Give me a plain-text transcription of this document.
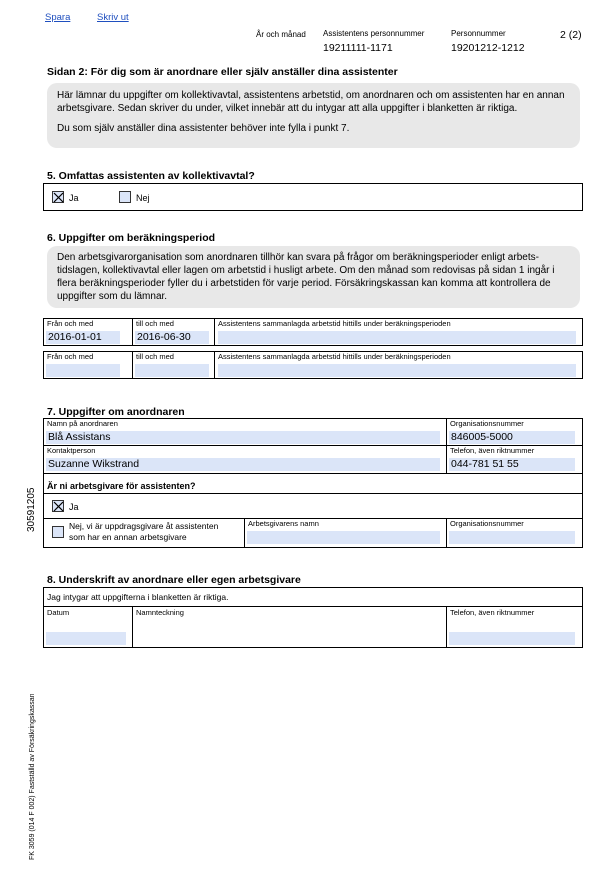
Spara	Skriv ut
År och månad Assistentens personnummer
19211111-1171
Personnummer
19201212-1212
2 (2)
Sidan 2: För dig som är anordnare eller själv anställer dina assistenter
Här lämnar du uppgifter om kollektivavtal, assistentens arbetstid, om anordnaren och om assistenten har en annan arbetsgivare. Sedan skriver du under, vilket innebär att du intygar att alla uppgifter i blanketten är riktiga.
Du som själv anställer dina assistenter behöver inte fylla i punkt 7.
5. Omfattas assistenten av kollektivavtal?
Ja	Nej
6. Uppgifter om beräkningsperiod
Den arbetsgivarorganisation som anordnaren tillhör kan svara på frågor om beräkningsperioder enligt arbets-tidslagen, kollektivavtal eller lagen om arbetstid i husligt arbete. Om den månad som redovisas på sidan 1 ingår i flera beräkningsperioder fyller du i arbetstiden för varje period. Försäkringskassan kan komma att kontrollera de uppgifter som du lämnar.
Från och med	till och med	Assistentens sammanlagda arbetstid hittills under beräkningsperioden
2016-01-01	2016-06-30
Från och med	till och med	Assistentens sammanlagda arbetstid hittills under beräkningsperioden
7. Uppgifter om anordnaren
Namn på anordnaren
Blå Assistans
Organisationsnummer
846005-5000
Kontaktperson
Suzanne Wikstrand
Telefon, även riktnummer
044-781 51 55
Är ni arbetsgivare för assistenten?
Ja
Nej, vi är uppdragsgivare åt assistenten
som har en annan arbetsgivare
Arbetsgivarens namn	Organisationsnummer
8. Underskrift av anordnare eller egen arbetsgivare
Jag intygar att uppgifterna i blanketten är riktiga.
Datum	Namnteckning	Telefon, även riktnummer
30591205
FK 3059 (014 F 002) Fastställd av Försäkringskassan
